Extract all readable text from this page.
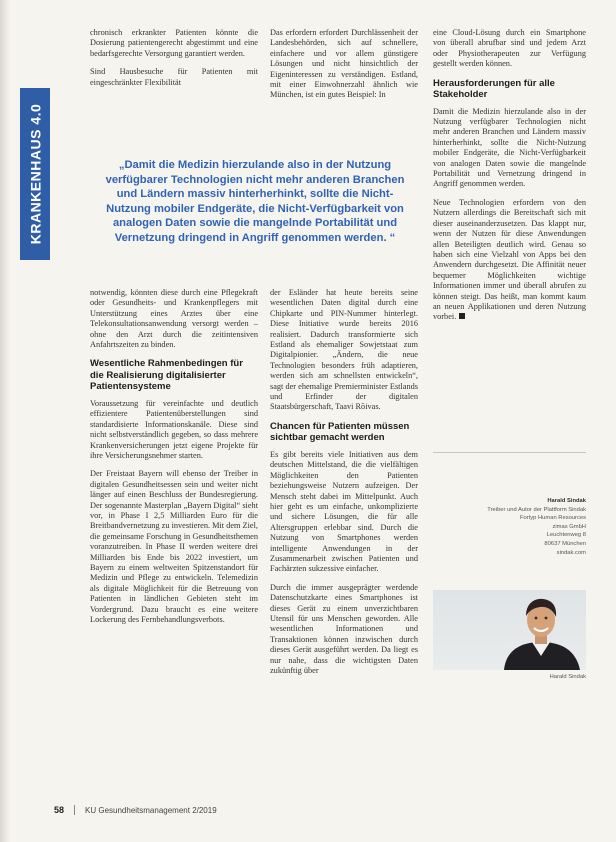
KRANKENHAUS 4.0

chronisch erkrankter Patienten könnte die Dosierung patientengerecht abgestimmt und eine bedarfsgerechte Versorgung garantiert werden.

Sind Hausbesuche für Patienten mit eingeschränkter Flexibilität

Das erfordern erfordert Durchlässenheit der Landesbehörden, sich auf schnellere, einfachere und vor allem günstigere Lösungen und nicht hinsichtlich der Eigeninteressen zu verständigen. Estland, mit einer Einwohnerzahl ähnlich wie München, ist ein gutes Beispiel: In

eine Cloud-Lösung durch ein Smartphone von überall abrufbar sind und jedem Arzt oder Physiotherapeuten zur Verfügung gestellt werden können.

Herausforderungen für alle Stakeholder

Damit die Medizin hierzulande also in der Nutzung verfügbarer Technologien nicht mehr anderen Branchen und Ländern massiv hinterherhinkt, sollte die Nicht-Nutzung mobiler Endgeräte, die Nicht-Verfügbarkeit von analogen Daten sowie die mangelnde Portabilität und Vernetzung dringend in Angriff genommen werden.

Neue Technologien erfordern von den Nutzern allerdings die Bereitschaft sich mit dieser auseinanderzusetzen. Das klappt nur, wenn der Nutzen für diese Anwendungen allen Beteiligten deutlich wird. Genau so haben sich eine Vielzahl von Apps bei den Anwendern durchgesetzt. Die Affinität neuer bequemer Möglichkeiten wichtige Informationen immer und überall abrufen zu können steigt. Das heißt, man kommt kaum an neuen Applikationen und deren Nutzung vorbei.

„Damit die Medizin hierzulande also in der Nutzung verfügbarer Technologien nicht mehr anderen Branchen und Ländern massiv hinterherhinkt, sollte die Nicht-Nutzung mobiler Endgeräte, die Nicht-Verfügbarkeit von analogen Daten sowie die mangelnde Portabilität und Vernetzung dringend in Angriff genommen werden. “

notwendig, könnten diese durch eine Pflegekraft oder Gesundheits- und Krankenpflegers mit Unterstützung eines Arztes über eine Telekonsultationsanwendung versorgt werden – ohne den Arzt durch die zeitintensiven Anfahrtszeiten zu binden.

Wesentliche Rahmenbedingen für die Realisierung digitalisierter Patientensysteme

Voraussetzung für vereinfachte und deutlich effizientere Patientenüberstellungen sind standardisierte Informationskanäle. Diese sind nicht selbstverständlich gegeben, so dass mehrere Krankenversicherungen jetzt eigene Projekte für ihre Versicherungsnehmer starten.

Der Freistaat Bayern will ebenso der Treiber in digitalen Gesundheitsessen sein und weiter nicht länger auf einen Beschluss der Bundesregierung. Der sogenannte Masterplan „Bayern Digital“ sieht vor, in Phase I 2,5 Milliarden Euro für die Breitbandvernetzung zu investieren. Mit dem Ziel, die gemeinsame Forschung in Gesundheitsthemen voranzutreiben. In Phase II werden weitere drei Milliarden bis Ende bis 2022 investiert, um Bayern zu einem weltweiten Spitzenstandort für Medizin und Pflege zu entwickeln. Telemedizin als digitale Möglichkeit für die Betreuung von Patienten in ländlichen Gebieten steht im Vordergrund. Dazu braucht es eine weitere Lockerung des Fernbehandlungsverbots.

der Esländer hat heute bereits seine wesentlichen Daten digital durch eine Chipkarte und PIN-Nummer hinterlegt. Diese Initiative wurde bereits 2016 realisiert. Dadurch transformierte sich Estland als ehemaliger Sowjetstaat zum Digitalpionier. „Ändern, die neue Technologien besonders früh adaptieren, werden sich am schnellsten entwickeln“, sagt der ehemalige Premierminister Estlands und Erfinder der digitalen Staatsbürgerschaft, Taavi Rõivas.

Chancen für Patienten müssen sichtbar gemacht werden

Es gibt bereits viele Initiativen aus dem deutschen Mittelstand, die die vielfältigen Möglichkeiten den Patienten beziehungsweise Nutzern aufzeigen. Der Mensch steht dabei im Mittelpunkt. Auch hier geht es um einfache, unkomplizierte und sichere Lösungen, die für alle Altersgruppen erlebbar sind. Durch die Nutzung von Smartphones werden intelligente Anwendungen in der Zusammenarbeit zwischen Patienten und Fachärzten sukzessive einfacher.

Durch die immer ausgeprägter werdende Datenschutzkarte eines Smartphones ist dieses Gerät zu einem unverzichtbaren Utensil für uns Menschen geworden. Alle wesentlichen Informationen und Transaktionen können inzwischen durch dieses Gerät ausgeführt werden. Da liegt es nur nahe, dass die wichtigsten Daten zukünftig über

Harald Sindak
Treiber und Autor der Plattform Sindak
Fortyp Human Resources
zimas GmbH
Leuchtenweg 8
80637 München
sindak.com
Harald Sindak
58	KU Gesundheitsmanagement 2/2019
